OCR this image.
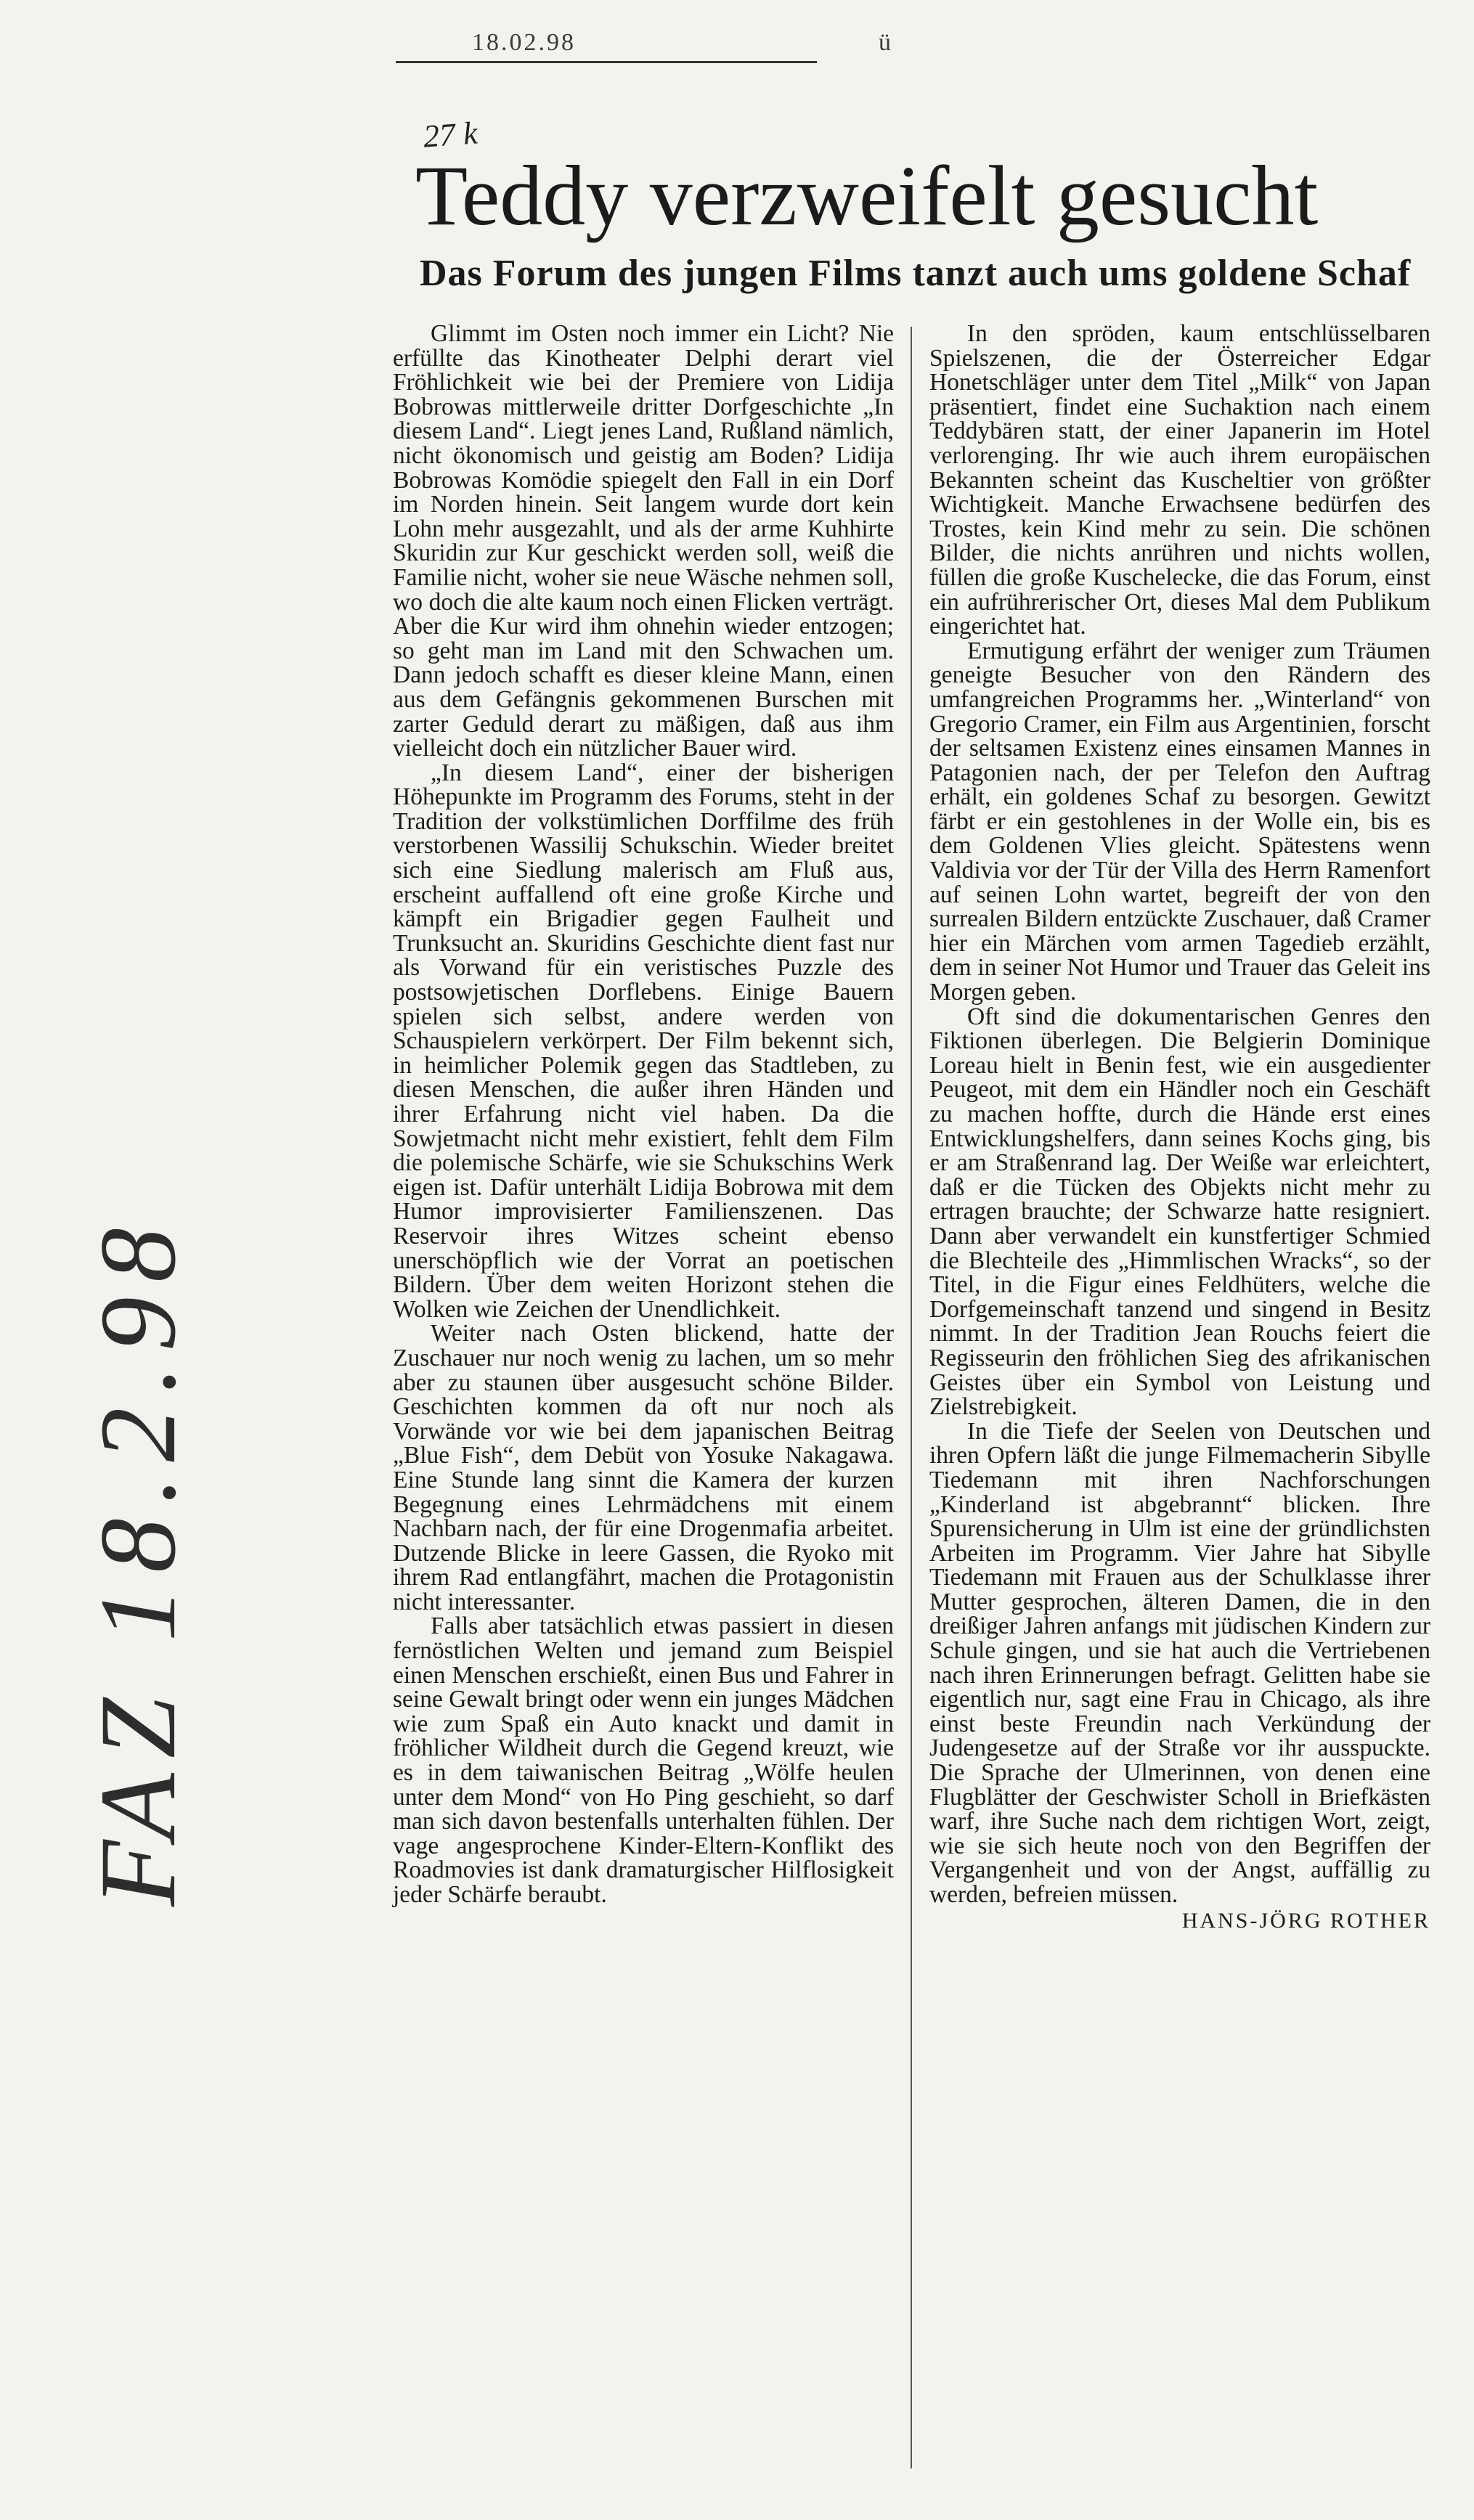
18.02.98	ü
27 k
Teddy verzweifelt gesucht
Das Forum des jungen Films tanzt auch ums goldene Schaf

Glimmt im Osten noch immer ein Licht? Nie erfüllte das Kinotheater Delphi derart viel Fröhlichkeit wie bei der Premiere von Lidija Bobrowas mittlerweile dritter Dorfgeschichte „In diesem Land“. Liegt jenes Land, Rußland nämlich, nicht ökonomisch und geistig am Boden? Lidija Bobrowas Komödie spiegelt den Fall in ein Dorf im Norden hinein. Seit langem wurde dort kein Lohn mehr ausgezahlt, und als der arme Kuhhirte Skuridin zur Kur geschickt werden soll, weiß die Familie nicht, woher sie neue Wäsche nehmen soll, wo doch die alte kaum noch einen Flicken verträgt. Aber die Kur wird ihm ohnehin wieder entzogen; so geht man im Land mit den Schwachen um. Dann jedoch schafft es dieser kleine Mann, einen aus dem Gefängnis gekommenen Burschen mit zarter Geduld derart zu mäßigen, daß aus ihm vielleicht doch ein nützlicher Bauer wird.

„In diesem Land“, einer der bisherigen Höhepunkte im Programm des Forums, steht in der Tradition der volkstümlichen Dorffilme des früh verstorbenen Wassilij Schukschin. Wieder breitet sich eine Siedlung malerisch am Fluß aus, erscheint auffallend oft eine große Kirche und kämpft ein Brigadier gegen Faulheit und Trunksucht an. Skuridins Geschichte dient fast nur als Vorwand für ein veristisches Puzzle des postsowjetischen Dorflebens. Einige Bauern spielen sich selbst, andere werden von Schauspielern verkörpert. Der Film bekennt sich, in heimlicher Polemik gegen das Stadtleben, zu diesen Menschen, die außer ihren Händen und ihrer Erfahrung nicht viel haben. Da die Sowjetmacht nicht mehr existiert, fehlt dem Film die polemische Schärfe, wie sie Schukschins Werk eigen ist. Dafür unterhält Lidija Bobrowa mit dem Humor improvisierter Familienszenen. Das Reservoir ihres Witzes scheint ebenso unerschöpflich wie der Vorrat an poetischen Bildern. Über dem weiten Horizont stehen die Wolken wie Zeichen der Unendlichkeit.

Weiter nach Osten blickend, hatte der Zuschauer nur noch wenig zu lachen, um so mehr aber zu staunen über ausgesucht schöne Bilder. Geschichten kommen da oft nur noch als Vorwände vor wie bei dem japanischen Beitrag „Blue Fish“, dem Debüt von Yosuke Nakagawa. Eine Stunde lang sinnt die Kamera der kurzen Begegnung eines Lehrmädchens mit einem Nachbarn nach, der für eine Drogenmafia arbeitet. Dutzende Blicke in leere Gassen, die Ryoko mit ihrem Rad entlangfährt, machen die Protagonistin nicht interessanter.

Falls aber tatsächlich etwas passiert in diesen fernöstlichen Welten und jemand zum Beispiel einen Menschen erschießt, einen Bus und Fahrer in seine Gewalt bringt oder wenn ein junges Mädchen wie zum Spaß ein Auto knackt und damit in fröhlicher Wildheit durch die Gegend kreuzt, wie es in dem taiwanischen Beitrag „Wölfe heulen unter dem Mond“ von Ho Ping geschieht, so darf man sich davon bestenfalls unterhalten fühlen. Der vage angesprochene Kinder-Eltern-Konflikt des Roadmovies ist dank dramaturgischer Hilflosigkeit jeder Schärfe beraubt.

In den spröden, kaum entschlüsselbaren Spielszenen, die der Österreicher Edgar Honetschläger unter dem Titel „Milk“ von Japan präsentiert, findet eine Suchaktion nach einem Teddybären statt, der einer Japanerin im Hotel verlorenging. Ihr wie auch ihrem europäischen Bekannten scheint das Kuscheltier von größter Wichtigkeit. Manche Erwachsene bedürfen des Trostes, kein Kind mehr zu sein. Die schönen Bilder, die nichts anrühren und nichts wollen, füllen die große Kuschelecke, die das Forum, einst ein aufrührerischer Ort, dieses Mal dem Publikum eingerichtet hat.

Ermutigung erfährt der weniger zum Träumen geneigte Besucher von den Rändern des umfangreichen Programms her. „Winterland“ von Gregorio Cramer, ein Film aus Argentinien, forscht der seltsamen Existenz eines einsamen Mannes in Patagonien nach, der per Telefon den Auftrag erhält, ein goldenes Schaf zu besorgen. Gewitzt färbt er ein gestohlenes in der Wolle ein, bis es dem Goldenen Vlies gleicht. Spätestens wenn Valdivia vor der Tür der Villa des Herrn Ramenfort auf seinen Lohn wartet, begreift der von den surrealen Bildern entzückte Zuschauer, daß Cramer hier ein Märchen vom armen Tagedieb erzählt, dem in seiner Not Humor und Trauer das Geleit ins Morgen geben.

Oft sind die dokumentarischen Genres den Fiktionen überlegen. Die Belgierin Dominique Loreau hielt in Benin fest, wie ein ausgedienter Peugeot, mit dem ein Händler noch ein Geschäft zu machen hoffte, durch die Hände erst eines Entwicklungshelfers, dann seines Kochs ging, bis er am Straßenrand lag. Der Weiße war erleichtert, daß er die Tücken des Objekts nicht mehr zu ertragen brauchte; der Schwarze hatte resigniert. Dann aber verwandelt ein kunstfertiger Schmied die Blechteile des „Himmlischen Wracks“, so der Titel, in die Figur eines Feldhüters, welche die Dorfgemeinschaft tanzend und singend in Besitz nimmt. In der Tradition Jean Rouchs feiert die Regisseurin den fröhlichen Sieg des afrikanischen Geistes über ein Symbol von Leistung und Zielstrebigkeit.

In die Tiefe der Seelen von Deutschen und ihren Opfern läßt die junge Filmemacherin Sibylle Tiedemann mit ihren Nachforschungen „Kinderland ist abgebrannt“ blicken. Ihre Spurensicherung in Ulm ist eine der gründlichsten Arbeiten im Programm. Vier Jahre hat Sibylle Tiedemann mit Frauen aus der Schulklasse ihrer Mutter gesprochen, älteren Damen, die in den dreißiger Jahren anfangs mit jüdischen Kindern zur Schule gingen, und sie hat auch die Vertriebenen nach ihren Erinnerungen befragt. Gelitten habe sie eigentlich nur, sagt eine Frau in Chicago, als ihre einst beste Freundin nach Verkündung der Judengesetze auf der Straße vor ihr ausspuckte. Die Sprache der Ulmerinnen, von denen eine Flugblätter der Geschwister Scholl in Briefkästen warf, ihre Suche nach dem richtigen Wort, zeigt, wie sie sich heute noch von den Begriffen der Vergangenheit und von der Angst, auffällig zu werden, befreien müssen.

HANS-JÖRG ROTHER
FAZ 18.2.98
